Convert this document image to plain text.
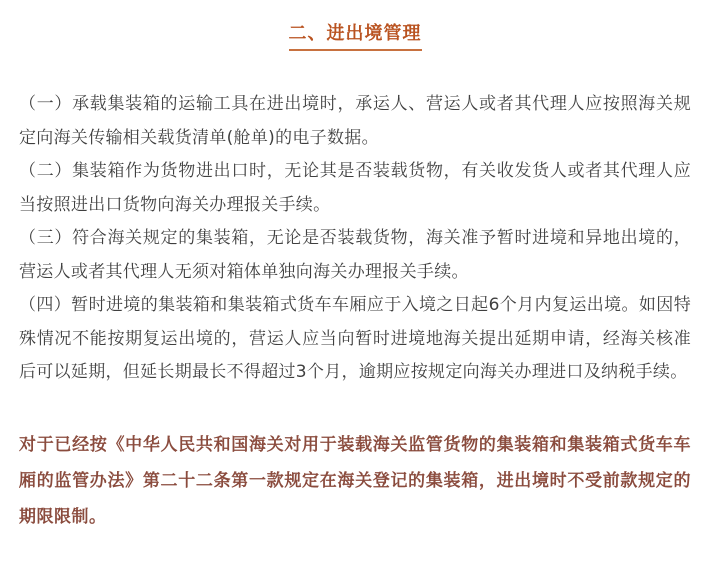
二、进出境管理

（一）承载集装箱的运输工具在进出境时，承运人、营运人或者其代理人应按照海关规定向海关传输相关载货清单(舱单)的电子数据。

（二）集装箱作为货物进出口时，无论其是否装载货物，有关收发货人或者其代理人应当按照进出口货物向海关办理报关手续。

（三）符合海关规定的集装箱，无论是否装载货物，海关准予暂时进境和异地出境的，营运人或者其代理人无须对箱体单独向海关办理报关手续。

（四）暂时进境的集装箱和集装箱式货车车厢应于入境之日起6个月内复运出境。如因特殊情况不能按期复运出境的，营运人应当向暂时进境地海关提出延期申请，经海关核准后可以延期，但延长期最长不得超过3个月，逾期应按规定向海关办理进口及纳税手续。

对于已经按《中华人民共和国海关对用于装载海关监管货物的集装箱和集装箱式货车车厢的监管办法》第二十二条第一款规定在海关登记的集装箱，进出境时不受前款规定的期限限制。
